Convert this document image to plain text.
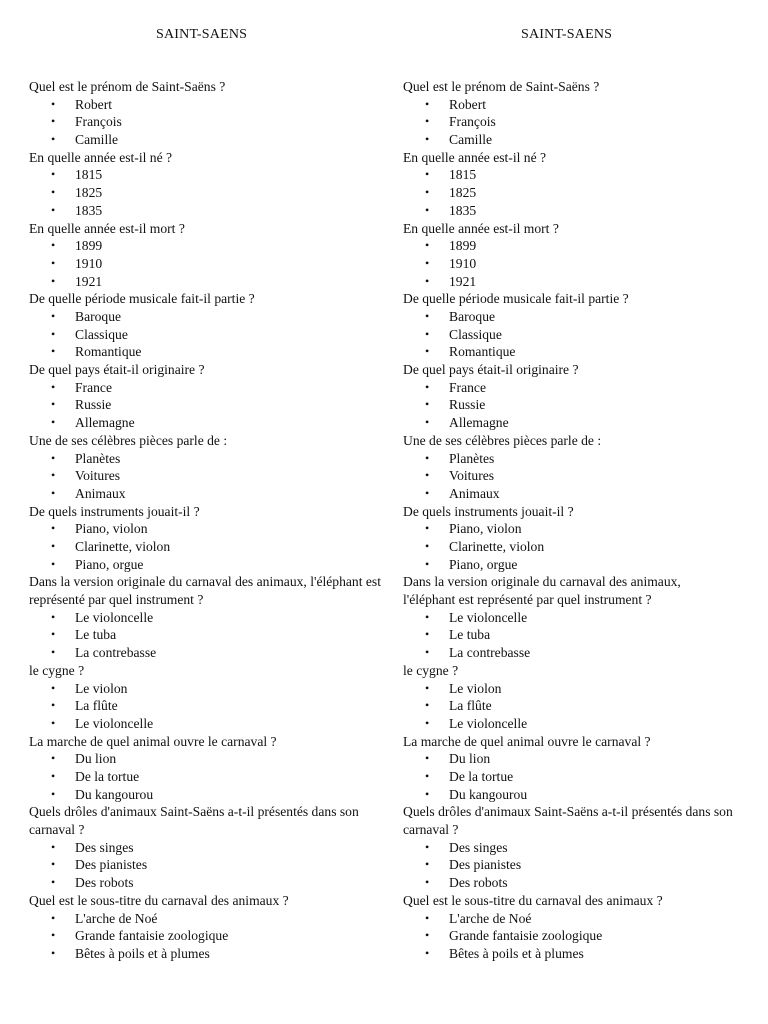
SAINT-SAENS
Quel est le prénom de Saint-Saëns ?
• Robert
• François
• Camille
En quelle année est-il né ?
• 1815
• 1825
• 1835
En quelle année est-il mort ?
• 1899
• 1910
• 1921
De quelle période musicale fait-il partie ?
• Baroque
• Classique
• Romantique
De quel pays était-il originaire ?
• France
• Russie
• Allemagne
Une de ses célèbres pièces parle de :
• Planètes
• Voitures
• Animaux
De quels instruments jouait-il ?
• Piano, violon
• Clarinette, violon
• Piano, orgue
Dans la version originale du carnaval des animaux, l'éléphant est représenté par quel instrument ?
• Le violoncelle
• Le tuba
• La contrebasse
le cygne ?
• Le violon
• La flûte
• Le violoncelle
La marche de quel animal ouvre le carnaval ?
• Du lion
• De la tortue
• Du kangourou
Quels drôles d'animaux Saint-Saëns a-t-il présentés dans son carnaval ?
• Des singes
• Des pianistes
• Des robots
Quel est le sous-titre du carnaval des animaux ?
• L'arche de Noé
• Grande fantaisie zoologique
• Bêtes à poils et à plumes
SAINT-SAENS
Quel est le prénom de Saint-Saëns ?
• Robert
• François
• Camille
En quelle année est-il né ?
• 1815
• 1825
• 1835
En quelle année est-il mort ?
• 1899
• 1910
• 1921
De quelle période musicale fait-il partie ?
• Baroque
• Classique
• Romantique
De quel pays était-il originaire ?
• France
• Russie
• Allemagne
Une de ses célèbres pièces parle de :
• Planètes
• Voitures
• Animaux
De quels instruments jouait-il ?
• Piano, violon
• Clarinette, violon
• Piano, orgue
Dans la version originale du carnaval des animaux, l'éléphant est représenté par quel instrument ?
• Le violoncelle
• Le tuba
• La contrebasse
le cygne ?
• Le violon
• La flûte
• Le violoncelle
La marche de quel animal ouvre le carnaval ?
• Du lion
• De la tortue
• Du kangourou
Quels drôles d'animaux Saint-Saëns a-t-il présentés dans son carnaval ?
• Des singes
• Des pianistes
• Des robots
Quel est le sous-titre du carnaval des animaux ?
• L'arche de Noé
• Grande fantaisie zoologique
• Bêtes à poils et à plumes
